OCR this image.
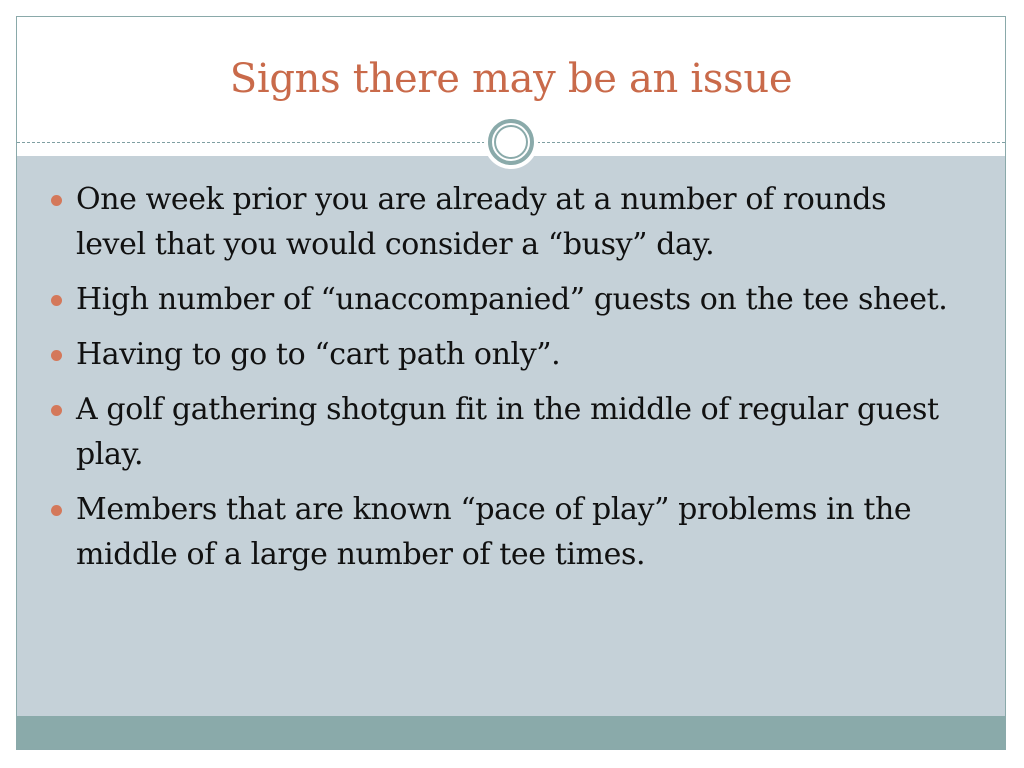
Signs there may be an issue
One week prior you are already at a number of rounds level that you would consider a “busy” day.
High number of “unaccompanied” guests on the tee sheet.
Having to go to “cart path only”.
A golf gathering shotgun fit in the middle of regular guest play.
Members that are known “pace of play” problems in the middle of a large number of tee times.
